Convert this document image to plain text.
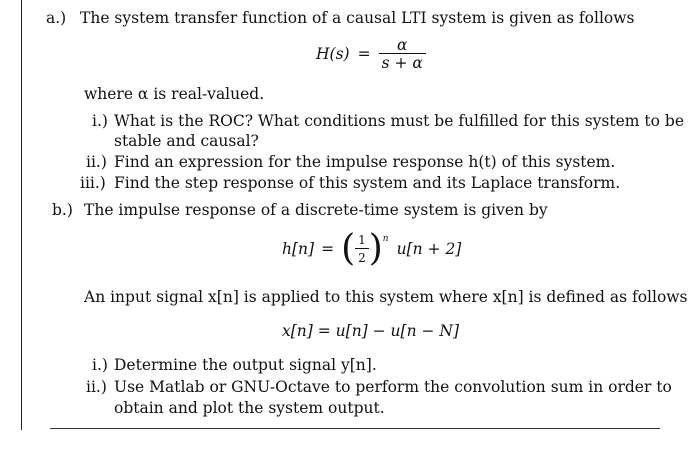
a.) The system transfer function of a causal LTI system is given as follows
$H(s) = \frac{\alpha}{s + \alpha}$
where α is real-valued.
i.) What is the ROC? What conditions must be fulfilled for this system to be
stable and causal?
ii.) Find an expression for the impulse response h(t) of this system.
iii.) Find the step response of this system and its Laplace transform.
b.) The impulse response of a discrete-time system is given by
h[n] = ( $\frac{1}{2}$ ) $^n$
u[n + 2]
An input signal x[n] is applied to this system where x[n] is defined as follows
x[n] = u[n] − u[n − N]
i.) Determine the output signal y[n].
ii.) Use Matlab or GNU-Octave to perform the convolution sum in order to
obtain and plot the system output.
